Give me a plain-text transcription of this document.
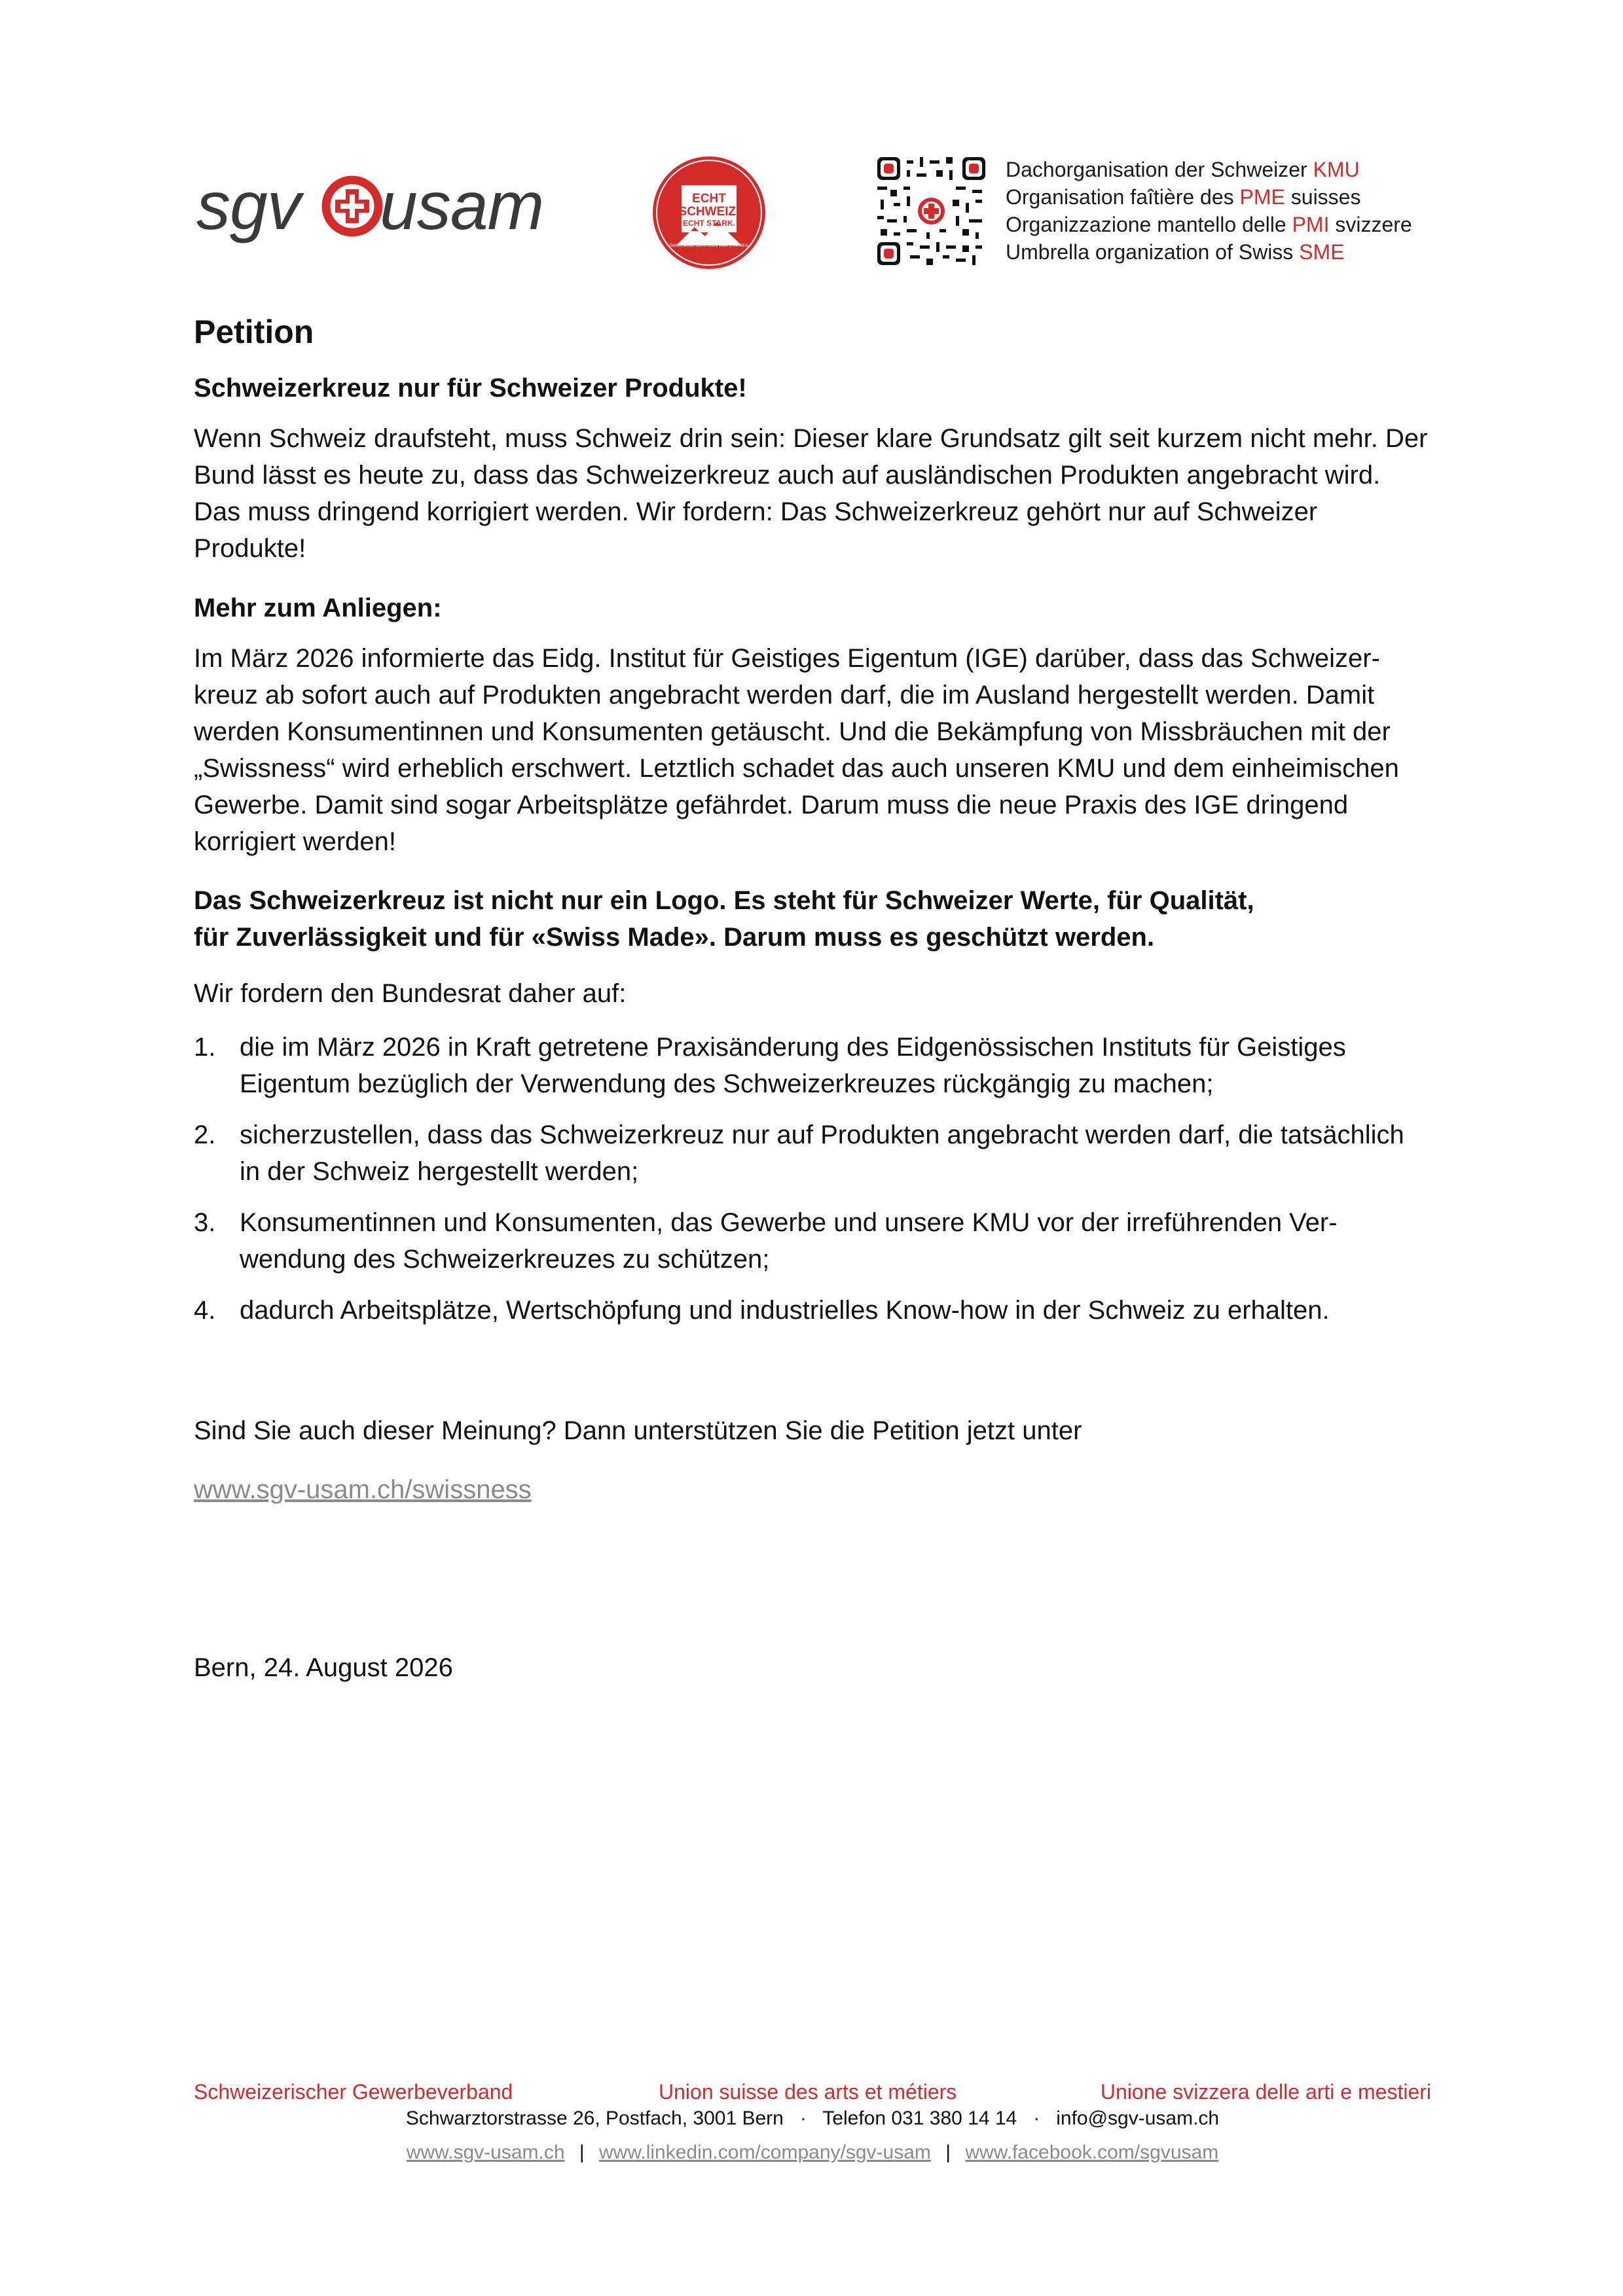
sgv usam	ECHT
SCHWEIZ.
ECHT STARK.
SWISS MADE SCHÜTZEN. KMU STÄRKEN.
Dachorganisation der Schweizer KMU
Organisation faîtière des PME suisses
Organizzazione mantello delle PMI svizzere
Umbrella organization of Swiss SME
Petition
Schweizerkreuz nur für Schweizer Produkte!

Wenn Schweiz draufsteht, muss Schweiz drin sein: Dieser klare Grundsatz gilt seit kurzem nicht mehr. Der Bund lässt es heute zu, dass das Schweizerkreuz auch auf ausländischen Produkten angebracht wird. Das muss dringend korrigiert werden. Wir fordern: Das Schweizerkreuz gehört nur auf Schweizer Produkte!

Mehr zum Anliegen:

Im März 2026 informierte das Eidg. Institut für Geistiges Eigentum (IGE) darüber, dass das Schweizerkreuz ab sofort auch auf Produkten angebracht werden darf, die im Ausland hergestellt werden. Damit werden Konsumentinnen und Konsumenten getäuscht. Und die Bekämpfung von Missbräuchen mit der „Swissness“ wird erheblich erschwert. Letztlich schadet das auch unseren KMU und dem einheimischen Gewerbe. Damit sind sogar Arbeitsplätze gefährdet. Darum muss die neue Praxis des IGE dringend korrigiert werden!

Das Schweizerkreuz ist nicht nur ein Logo. Es steht für Schweizer Werte, für Qualität,
für Zuverlässigkeit und für «Swiss Made». Darum muss es geschützt werden.

Wir fordern den Bundesrat daher auf:

1. die im März 2026 in Kraft getretene Praxisänderung des Eidgenössischen Instituts für Geistiges Eigentum bezüglich der Verwendung des Schweizerkreuzes rückgängig zu machen;
2. sicherzustellen, dass das Schweizerkreuz nur auf Produkten angebracht werden darf, die tatsächlich in der Schweiz hergestellt werden;
3. Konsumentinnen und Konsumenten, das Gewerbe und unsere KMU vor der irreführenden Verwendung des Schweizerkreuzes zu schützen;
4. dadurch Arbeitsplätze, Wertschöpfung und industrielles Know-how in der Schweiz zu erhalten.

Sind Sie auch dieser Meinung? Dann unterstützen Sie die Petition jetzt unter

www.sgv-usam.ch/swissness

Bern, 24. August 2026

Schweizerischer Gewerbeverband	Union suisse des arts et métiers	Unione svizzera delle arti e mestieri
Schwarztorstrasse 26, Postfach, 3001 Bern   ·   Telefon 031 380 14 14   ·   info@sgv-usam.ch
www.sgv-usam.ch | www.linkedin.com/company/sgv-usam | www.facebook.com/sgvusam
